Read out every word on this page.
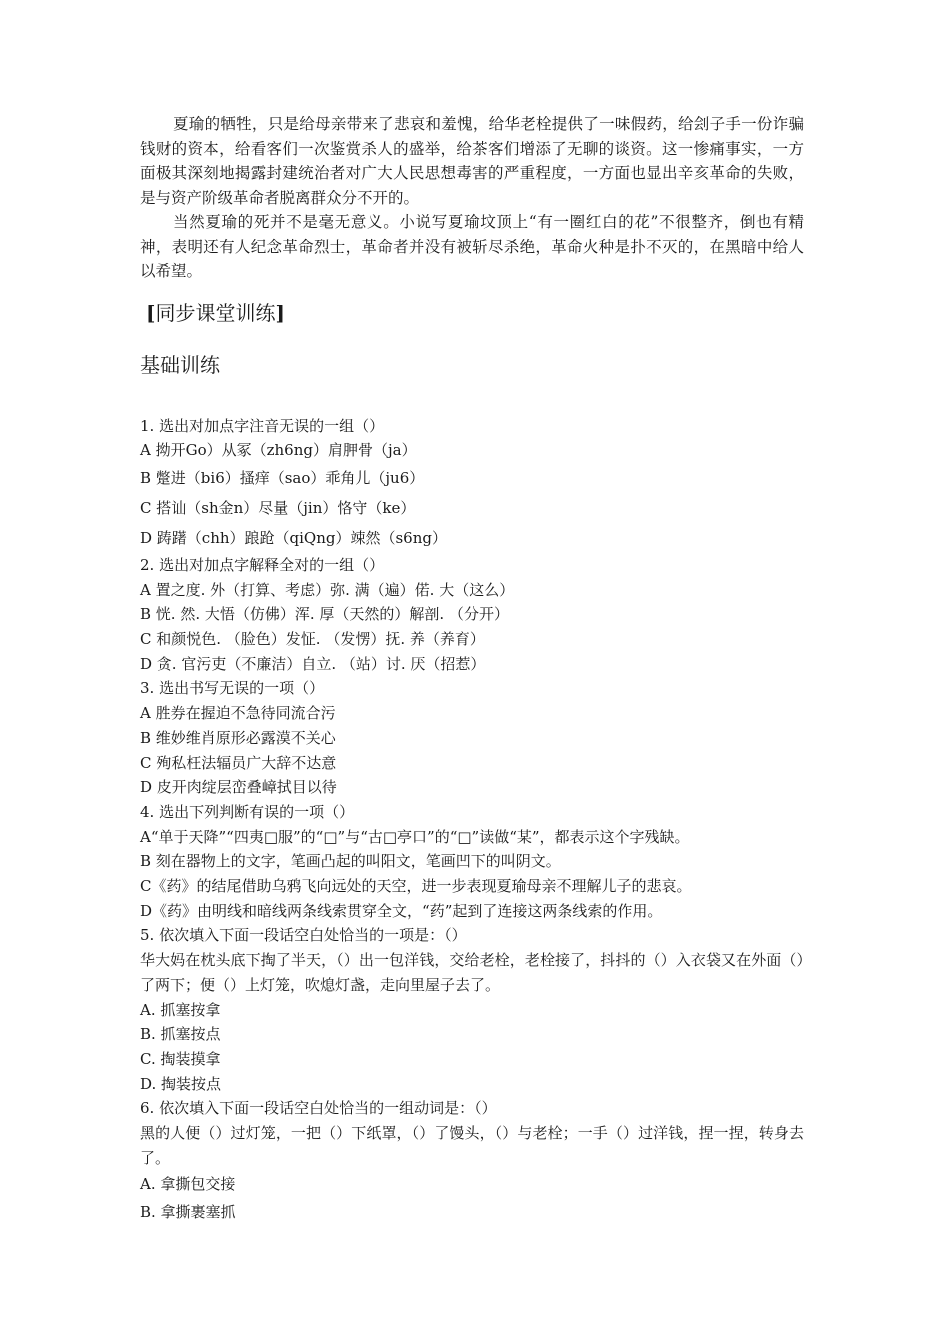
夏瑜的牺牲，只是给母亲带来了悲哀和羞愧，给华老栓提供了一味假药，给刽子手一份诈骗钱财的资本，给看客们一次鉴赏杀人的盛举，给茶客们增添了无聊的谈资。这一惨痛事实，一方面极其深刻地揭露封建统治者对广大人民思想毒害的严重程度，一方面也显出辛亥革命的失败，是与资产阶级革命者脱离群众分不开的。

当然夏瑜的死并不是毫无意义。小说写夏瑜坟顶上“有一圈红白的花”不很整齐，倒也有精神，表明还有人纪念革命烈士，革命者并没有被斩尽杀绝，革命火种是扑不灭的，在黑暗中给人以希望。

[同步课堂训练]
基础训练

1. 选出对加点字注音无误的一组（）

A 拗开Go）从冢（zh6ng）肩胛骨（ja）

B 蹩进（bi6）搔痒（sao）乖角儿（ju6）

C 搭讪（sh金n）尽量（jin）恪守（ke）

D 踌躇（chh）踉跄（qiQng）竦然（s6ng）

2. 选出对加点字解释全对的一组（）

A 置之度. 外（打算、考虑）弥. 满（遍）偌. 大（这么）

B 恍. 然. 大悟（仿佛）浑. 厚（天然的）解剖. （分开）

C 和颜悦色. （脸色）发怔. （发愣）抚. 养（养育）

D 贪. 官污吏（不廉洁）自立. （站）讨. 厌（招惹）

3. 选出书写无误的一项（）

A 胜券在握迫不急待同流合污

B 维妙维肖原形必露漠不关心

C 殉私枉法辐员广大辞不达意

D 皮开肉绽层峦叠嶂拭目以待

4. 选出下列判断有误的一项（）

A“单于天降”“四夷□服”的“□”与“古□亭口”的“□”读做“某”，都表示这个字残缺。

B 刻在器物上的文字，笔画凸起的叫阳文，笔画凹下的叫阴文。

C《药》的结尾借助乌鸦飞向远处的天空，进一步表现夏瑜母亲不理解儿子的悲哀。

D《药》由明线和暗线两条线索贯穿全文，“药”起到了连接这两条线索的作用。

5. 依次填入下面一段话空白处恰当的一项是：（）

华大妈在枕头底下掏了半天，（）出一包洋钱，交给老栓，老栓接了，抖抖的（）入衣袋又在外面（）了两下；便（）上灯笼，吹熄灯盏，走向里屋子去了。

A. 抓塞按拿

B. 抓塞按点

C. 掏装摸拿

D. 掏装按点

6. 依次填入下面一段话空白处恰当的一组动词是：（）

黑的人便（）过灯笼，一把（）下纸罩，（）了馒头，（）与老栓；一手（）过洋钱，捏一捏，转身去了。

A. 拿撕包交接

B. 拿撕裹塞抓
